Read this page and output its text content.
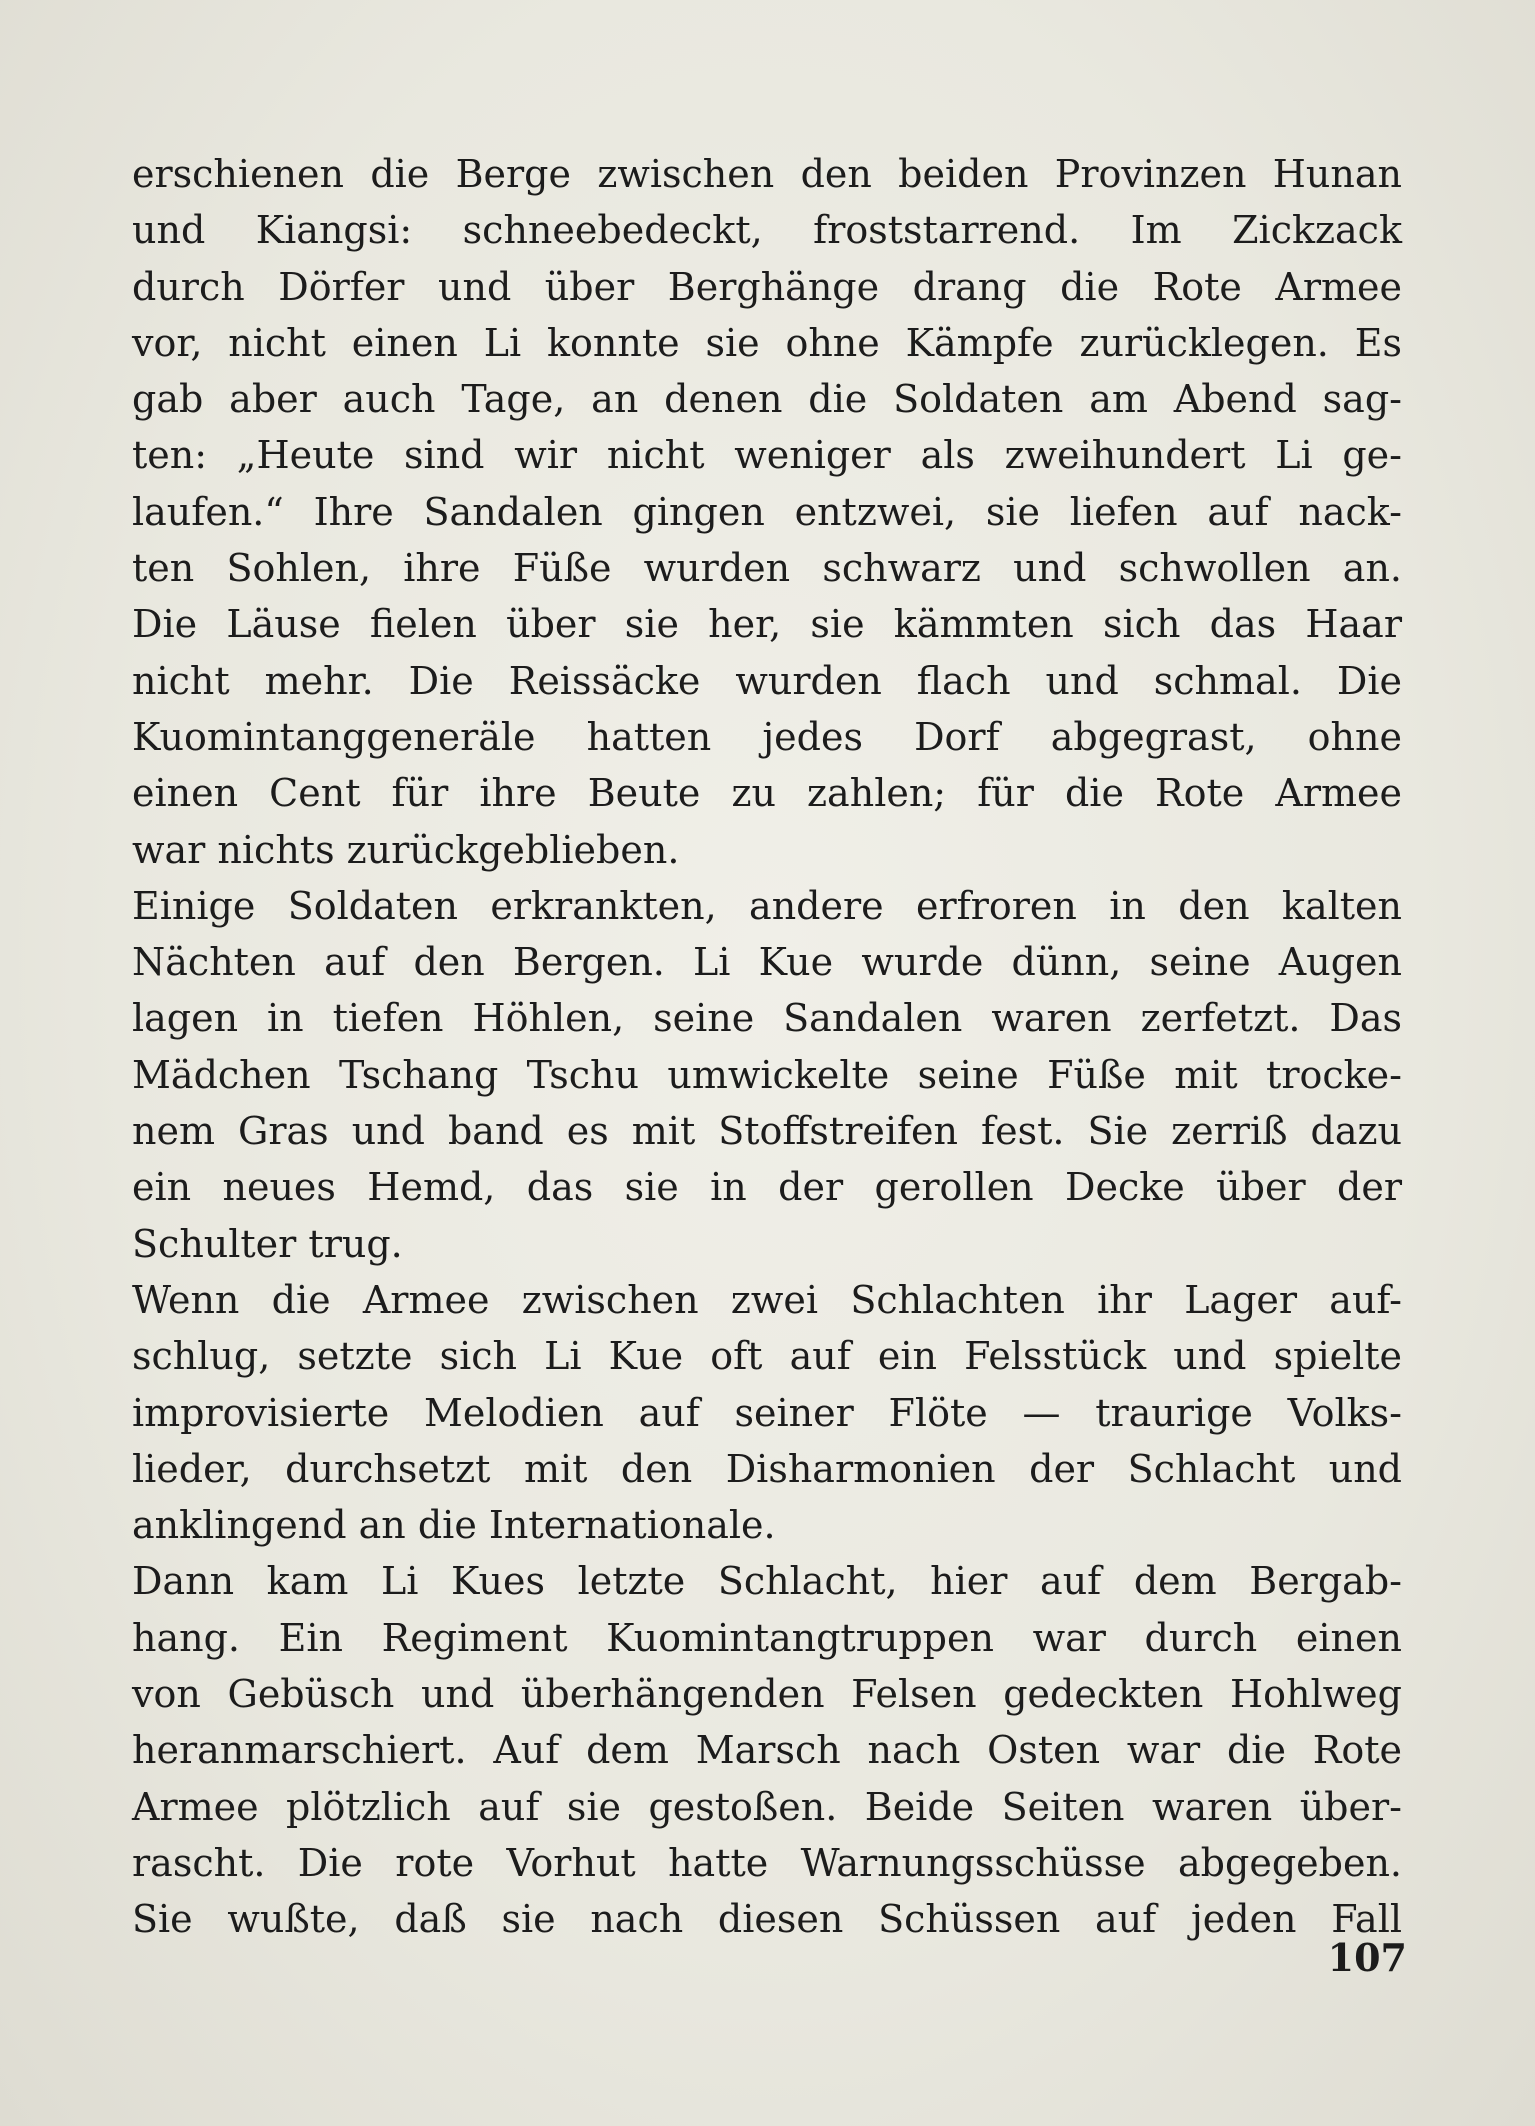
erschienen die Berge zwischen den beiden Provinzen Hunan
und Kiangsi: schneebedeckt, froststarrend. Im Zickzack
durch Dörfer und über Berghänge drang die Rote Armee
vor, nicht einen Li konnte sie ohne Kämpfe zurücklegen. Es
gab aber auch Tage, an denen die Soldaten am Abend sag-
ten: „Heute sind wir nicht weniger als zweihundert Li ge-
laufen.“ Ihre Sandalen gingen entzwei, sie liefen auf nack-
ten Sohlen, ihre Füße wurden schwarz und schwollen an.
Die Läuse fielen über sie her, sie kämmten sich das Haar
nicht mehr. Die Reissäcke wurden flach und schmal. Die
Kuomintanggeneräle hatten jedes Dorf abgegrast, ohne
einen Cent für ihre Beute zu zahlen; für die Rote Armee
war nichts zurückgeblieben.
Einige Soldaten erkrankten, andere erfroren in den kalten
Nächten auf den Bergen. Li Kue wurde dünn, seine Augen
lagen in tiefen Höhlen, seine Sandalen waren zerfetzt. Das
Mädchen Tschang Tschu umwickelte seine Füße mit trocke-
nem Gras und band es mit Stoffstreifen fest. Sie zerriß dazu
ein neues Hemd, das sie in der gerollen Decke über der
Schulter trug.
Wenn die Armee zwischen zwei Schlachten ihr Lager auf-
schlug, setzte sich Li Kue oft auf ein Felsstück und spielte
improvisierte Melodien auf seiner Flöte — traurige Volks-
lieder, durchsetzt mit den Disharmonien der Schlacht und
anklingend an die Internationale.
Dann kam Li Kues letzte Schlacht, hier auf dem Bergab-
hang. Ein Regiment Kuomintangtruppen war durch einen
von Gebüsch und überhängenden Felsen gedeckten Hohlweg
heranmarschiert. Auf dem Marsch nach Osten war die Rote
Armee plötzlich auf sie gestoßen. Beide Seiten waren über-
rascht. Die rote Vorhut hatte Warnungsschüsse abgegeben.
Sie wußte, daß sie nach diesen Schüssen auf jeden Fall
107
